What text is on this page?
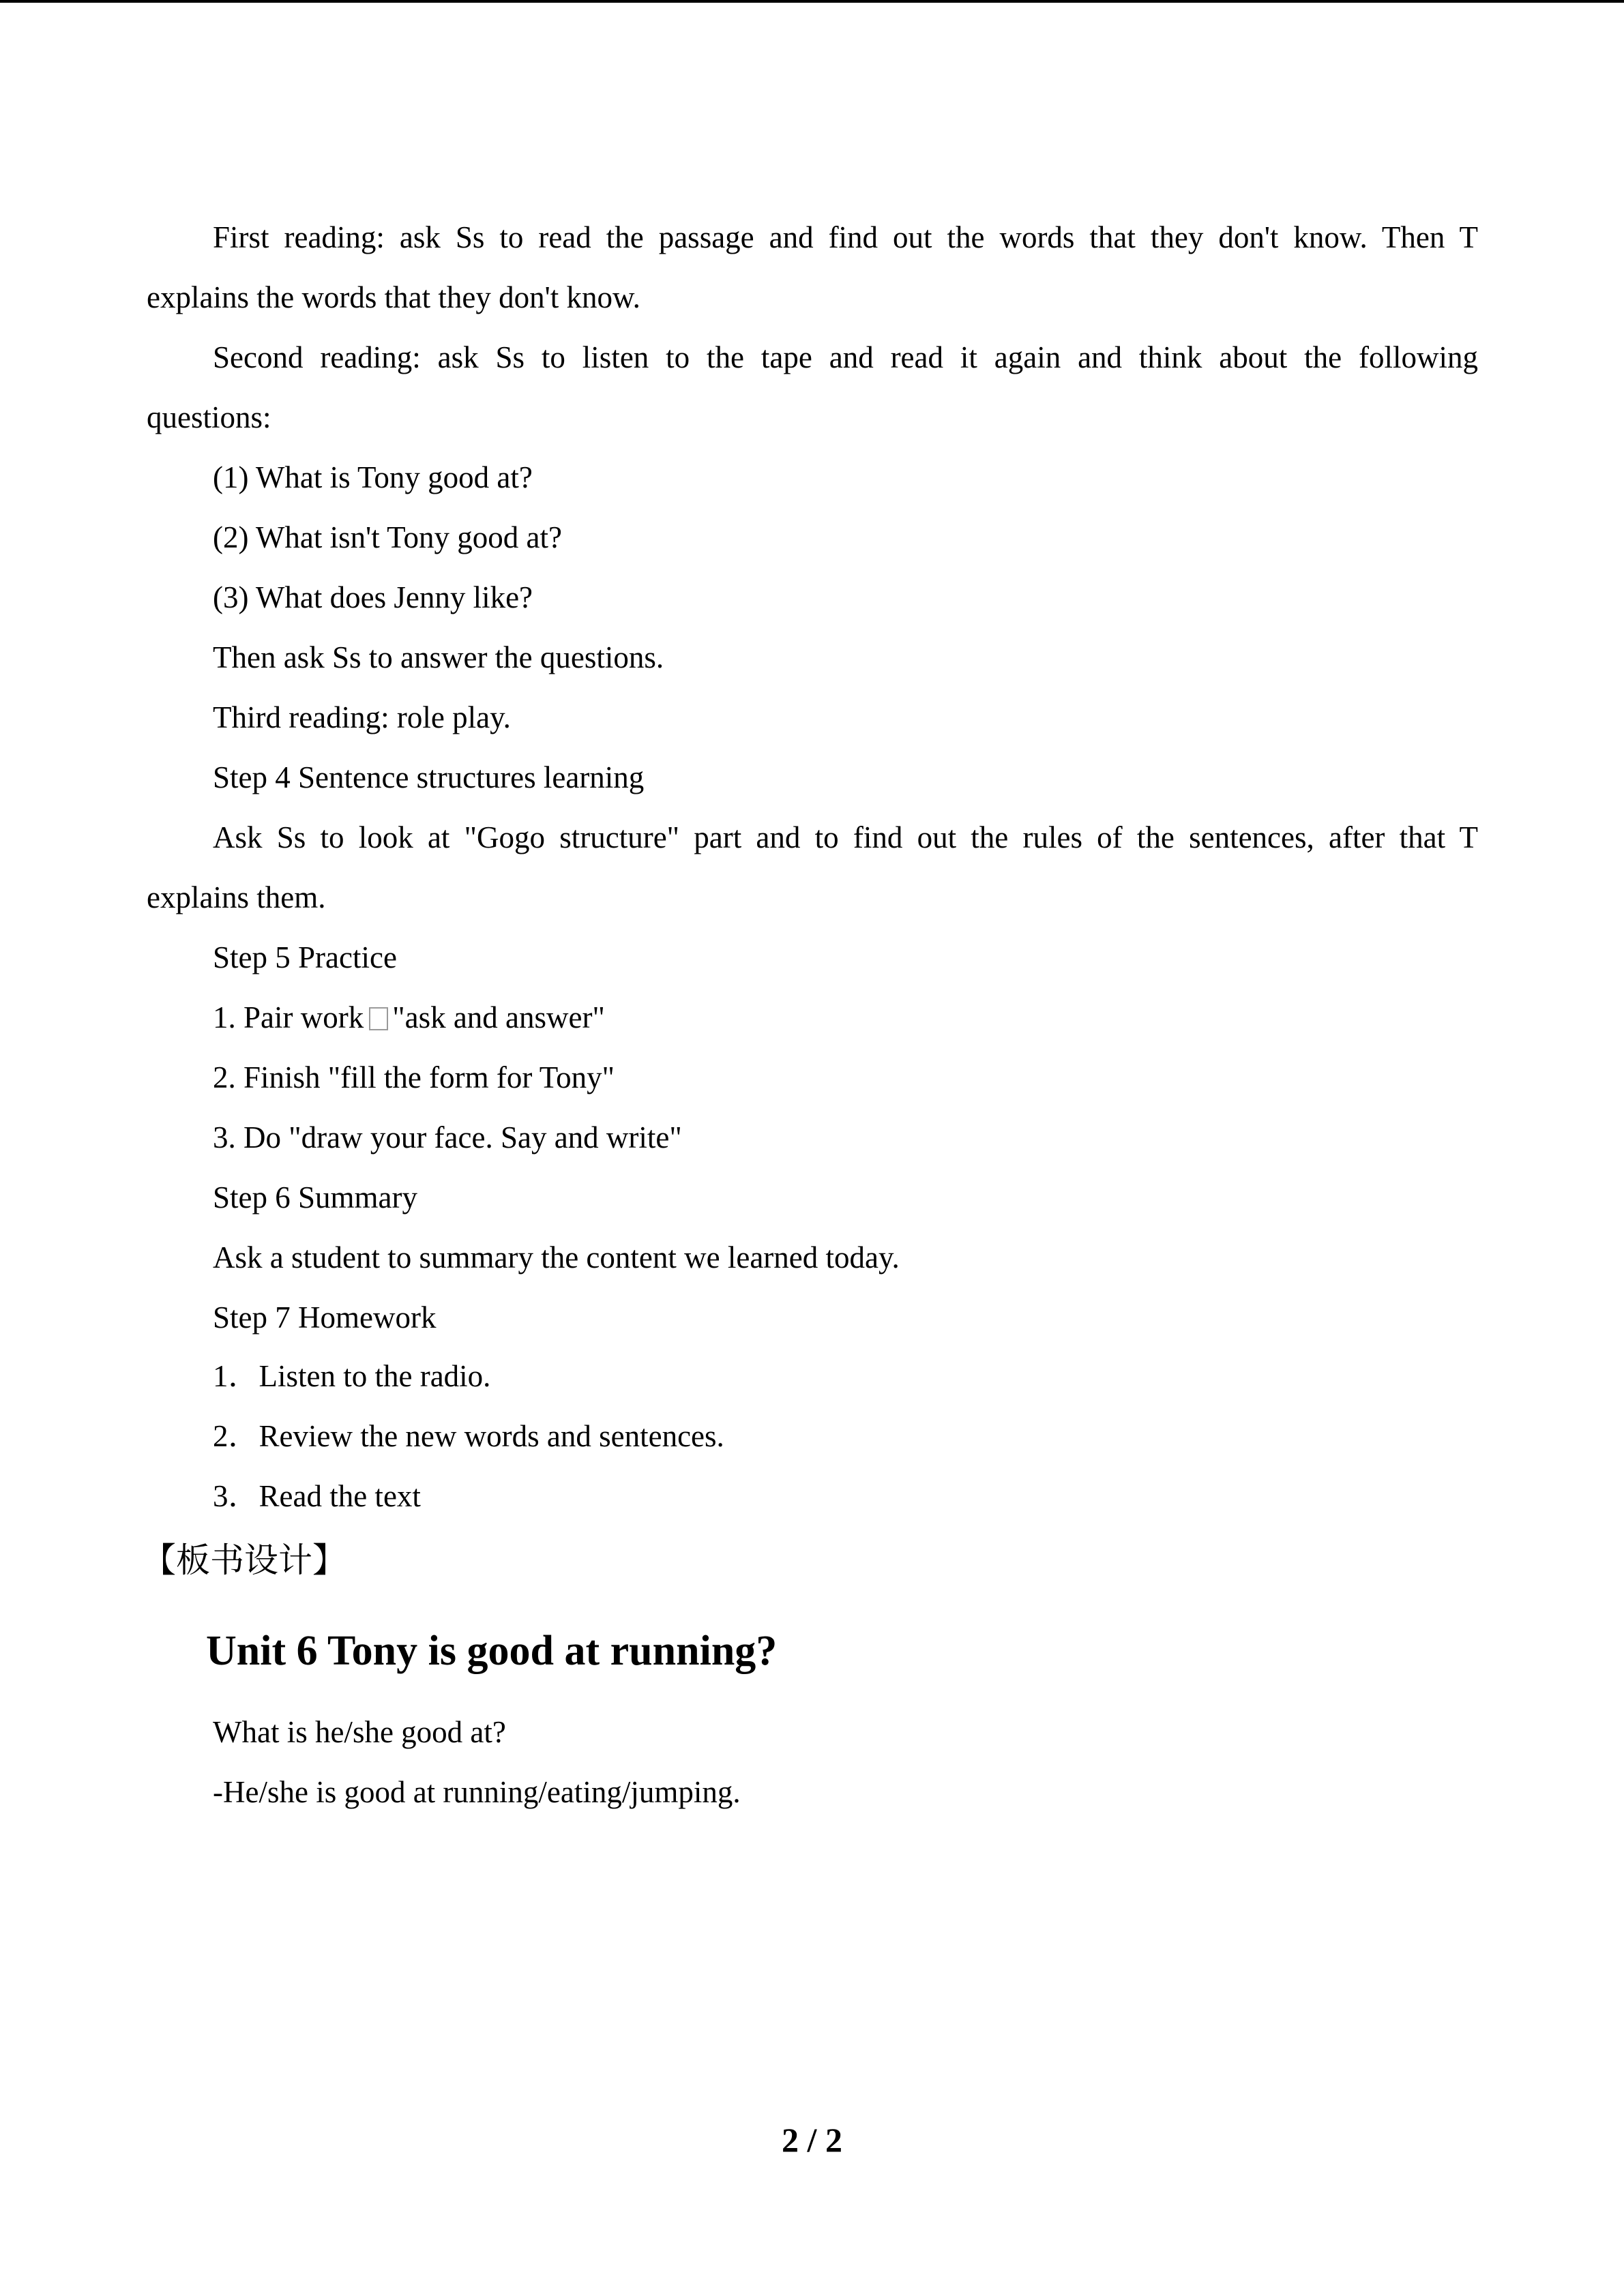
First reading: ask Ss to read the passage and find out the words that they don't know. Then T
explains the words that they don't know.
Second reading: ask Ss to listen to the tape and read it again and think about the following
questions:
(1) What is Tony good at?
(2) What isn't Tony good at?
(3) What does Jenny like?
Then ask Ss to answer the questions.
Third reading: role play.
Step 4 Sentence structures learning
Ask Ss to look at "Gogo structure" part and to find out the rules of the sentences, after that T
explains them.
Step 5 Practice
1. Pair work "ask and answer"
2. Finish "fill the form for Tony"
3. Do "draw your face. Say and write"
Step 6 Summary
Ask a student to summary the content we learned today.
Step 7 Homework
1．Listen to the radio.
2．Review the new words and sentences.
3．Read the text
【板书设计】
Unit 6 Tony is good at running?
What is he/she good at?
-He/she is good at running/eating/jumping.
2 / 2
